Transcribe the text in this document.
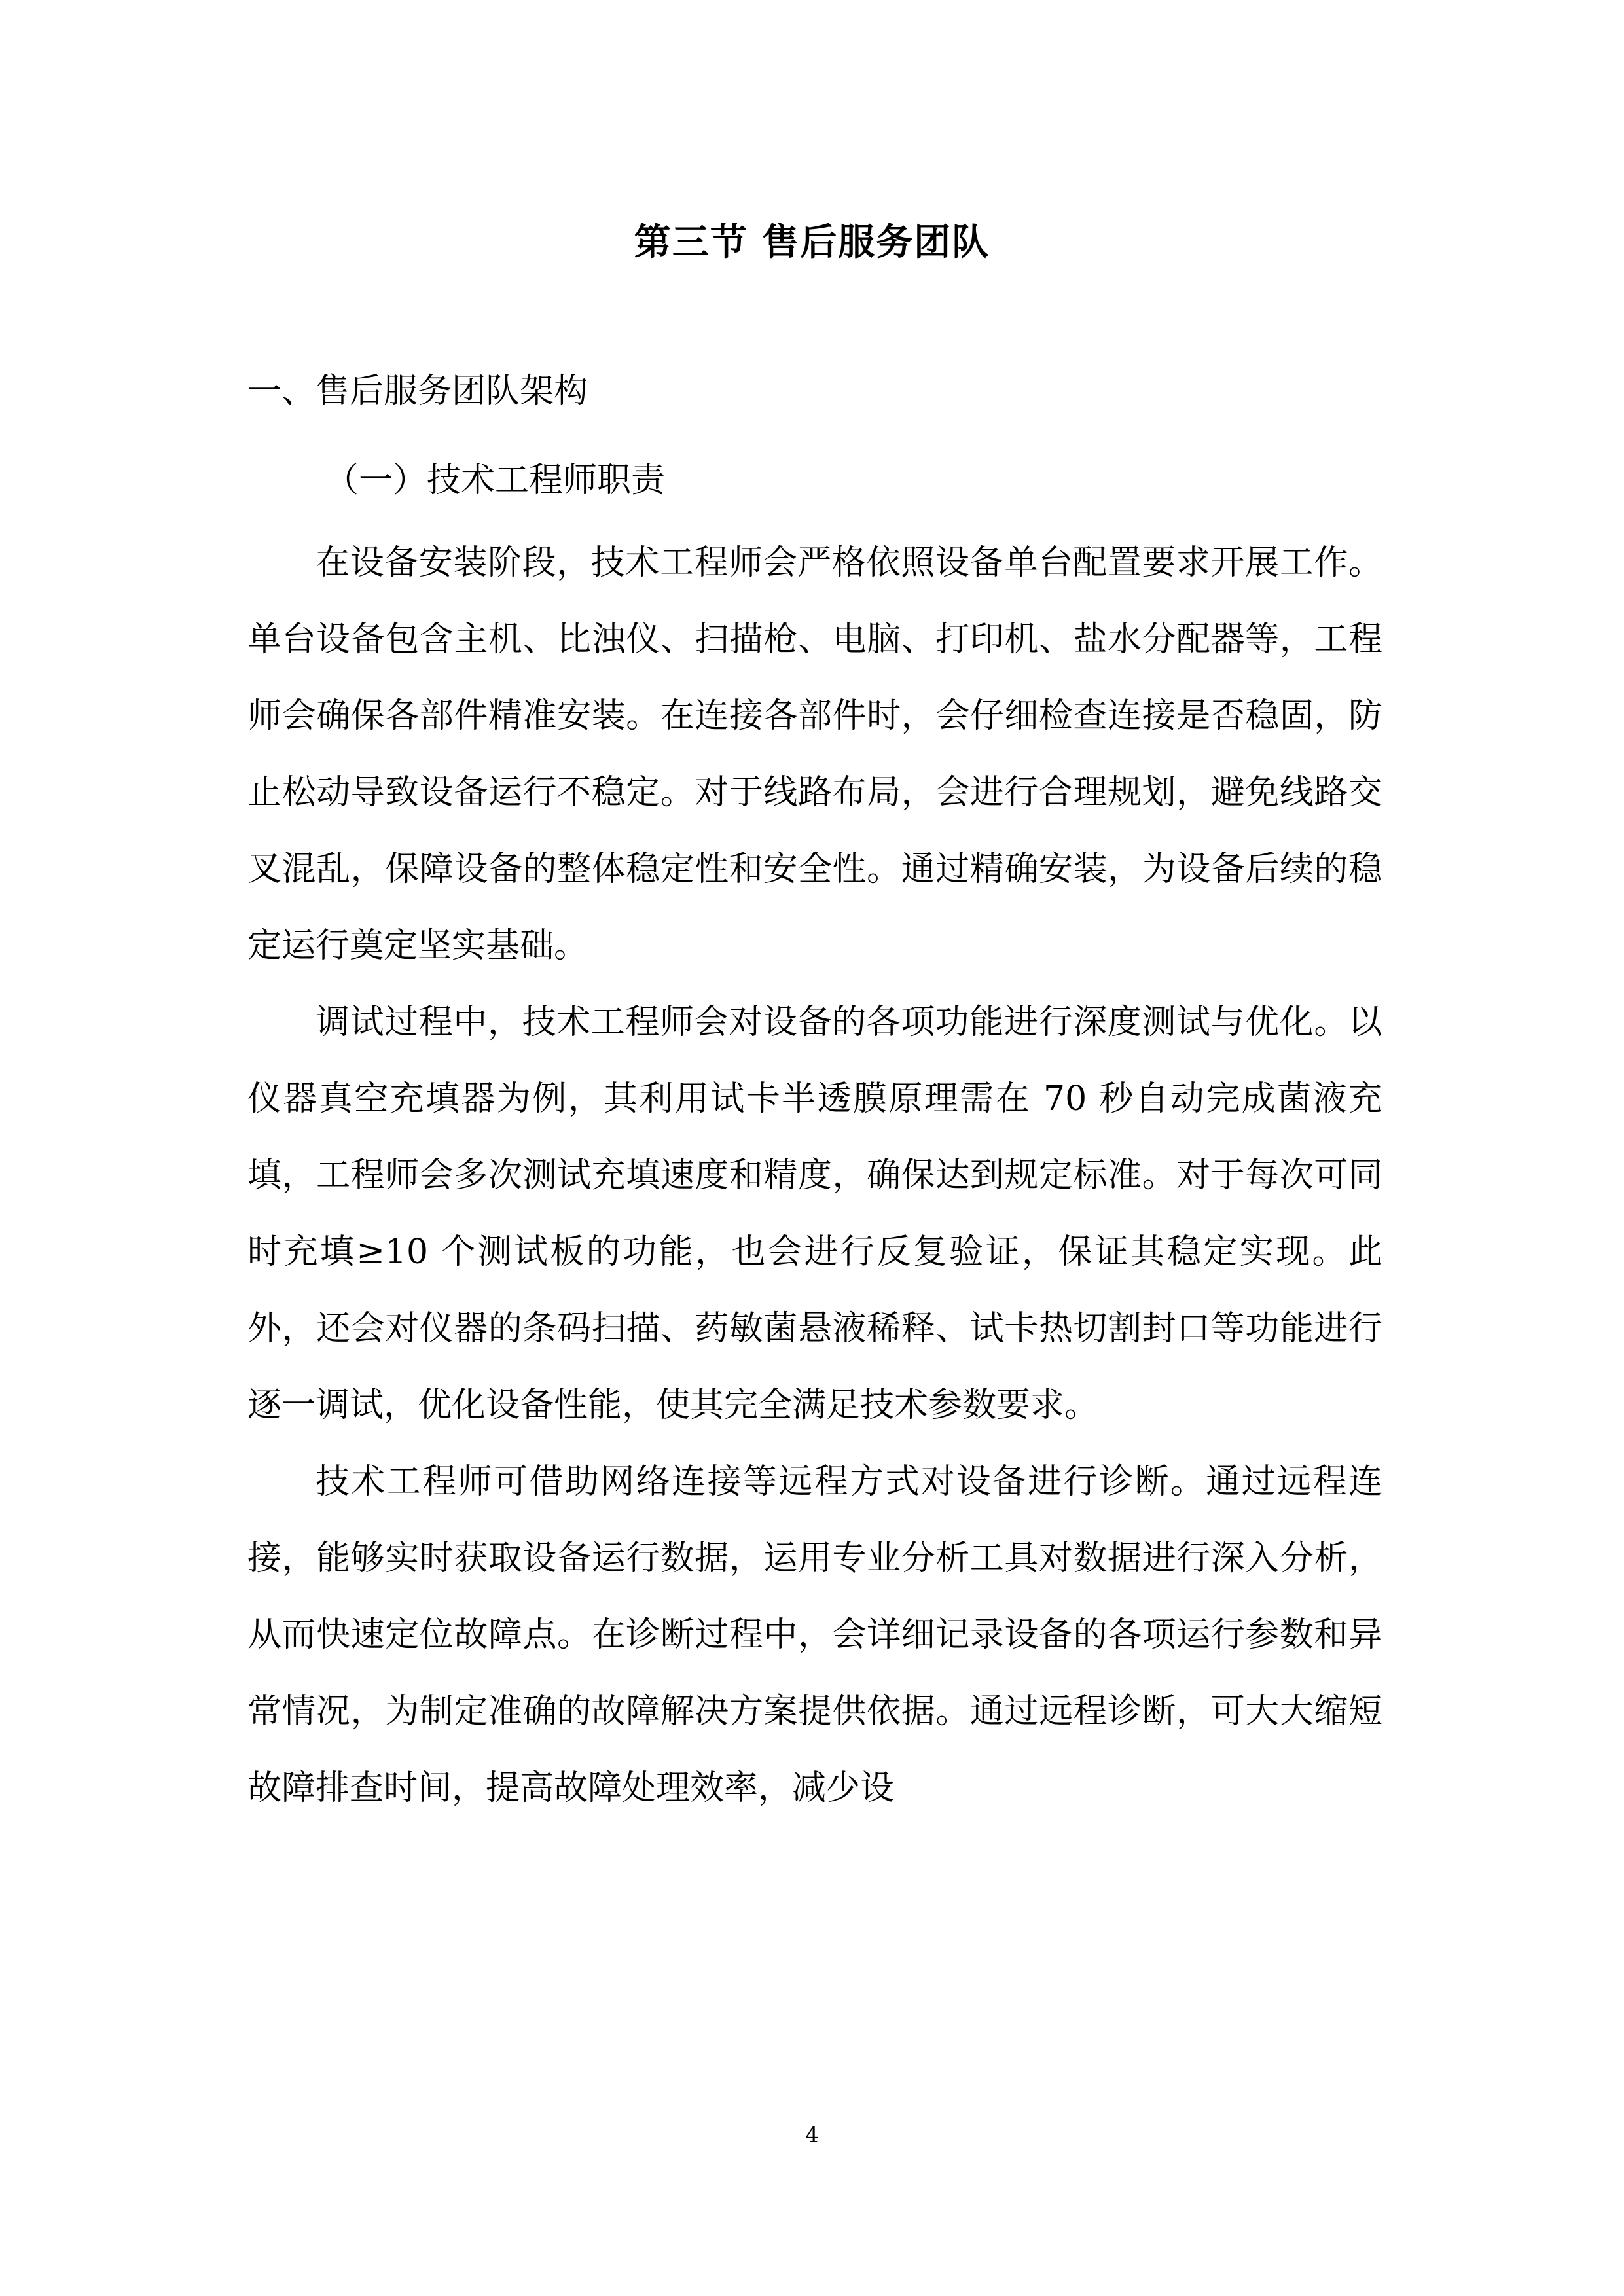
第三节 售后服务团队
一、售后服务团队架构
（一）技术工程师职责

在设备安装阶段，技术工程师会严格依照设备单台配置要求开展工作。单台设备包含主机、比浊仪、扫描枪、电脑、打印机、盐水分配器等，工程师会确保各部件精准安装。在连接各部件时，会仔细检查连接是否稳固，防止松动导致设备运行不稳定。对于线路布局，会进行合理规划，避免线路交叉混乱，保障设备的整体稳定性和安全性。通过精确安装，为设备后续的稳定运行奠定坚实基础。

调试过程中，技术工程师会对设备的各项功能进行深度测试与优化。以仪器真空充填器为例，其利用试卡半透膜原理需在 70 秒自动完成菌液充填，工程师会多次测试充填速度和精度，确保达到规定标准。对于每次可同时充填≥10 个测试板的功能，也会进行反复验证，保证其稳定实现。此外，还会对仪器的条码扫描、药敏菌悬液稀释、试卡热切割封口等功能进行逐一调试，优化设备性能，使其完全满足技术参数要求。

技术工程师可借助网络连接等远程方式对设备进行诊断。通过远程连接，能够实时获取设备运行数据，运用专业分析工具对数据进行深入分析，从而快速定位故障点。在诊断过程中，会详细记录设备的各项运行参数和异常情况，为制定准确的故障解决方案提供依据。通过远程诊断，可大大缩短故障排查时间，提高故障处理效率，减少设

4
